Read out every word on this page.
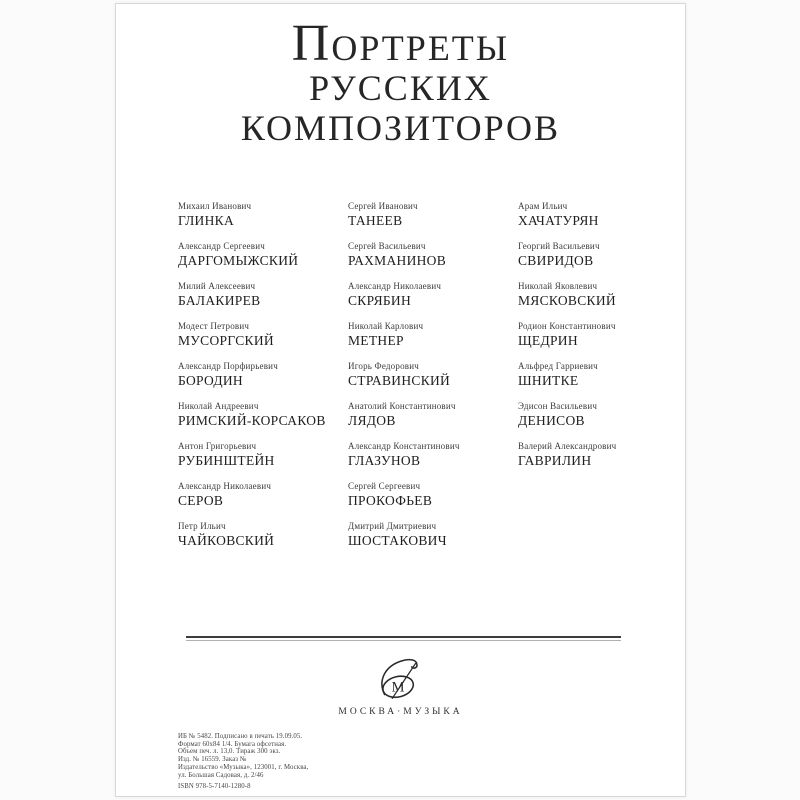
Портреты
русских
композиторов
Михаил Иванович
ГЛИНКА
Александр Сергеевич
ДАРГОМЫЖСКИЙ
Милий Алексеевич
БАЛАКИРЕВ
Модест Петрович
МУСОРГСКИЙ
Александр Порфирьевич
БОРОДИН
Николай Андреевич
РИМСКИЙ-КОРСАКОВ
Антон Григорьевич
РУБИНШТЕЙН
Александр Николаевич
СЕРОВ
Петр Ильич
ЧАЙКОВСКИЙ
Сергей Иванович
ТАНЕЕВ
Сергей Васильевич
РАХМАНИНОВ
Александр Николаевич
СКРЯБИН
Николай Карлович
МЕТНЕР
Игорь Федорович
СТРАВИНСКИЙ
Анатолий Константинович
ЛЯДОВ
Александр Константинович
ГЛАЗУНОВ
Сергей Сергеевич
ПРОКОФЬЕВ
Дмитрий Дмитриевич
ШОСТАКОВИЧ
Арам Ильич
ХАЧАТУРЯН
Георгий Васильевич
СВИРИДОВ
Николай Яковлевич
МЯСКОВСКИЙ
Родион Константинович
ЩЕДРИН
Альфред Гарриевич
ШНИТКЕ
Эдисон Васильевич
ДЕНИСОВ
Валерий Александрович
ГАВРИЛИН
М
МОСКВА·МУЗЫКА
ИБ № 5482. Подписано в печать 19.09.05.
Формат 60х84 1/4. Бумага офсетная.
Объем печ. л. 13,0. Тираж 300 экз.
Изд. № 16559. Заказ №
Издательство «Музыка», 123001, г. Москва,
ул. Большая Садовая, д. 2/46
ISBN 978-5-7140-1280-8
